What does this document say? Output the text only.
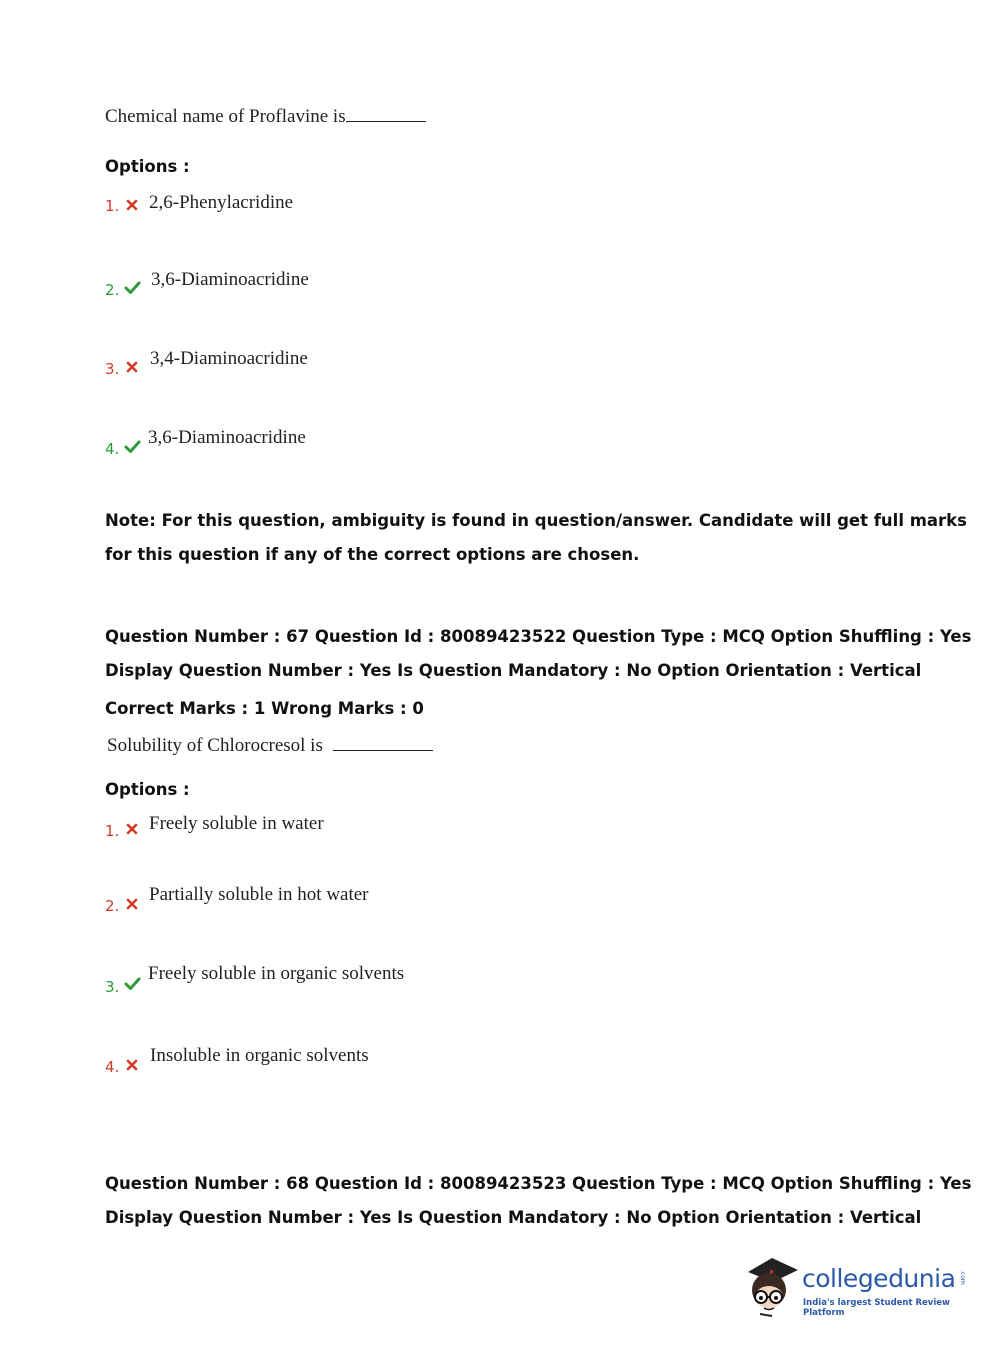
Chemical name of Proflavine is
Options :
1. 2,6-Phenylacridine
2. 3,6-Diaminoacridine
3. 3,4-Diaminoacridine
4.
3,6-Diaminoacridine
Note: For this question, ambiguity is found in question/answer. Candidate will get full marks
for this question if any of the correct options are chosen.
Question Number : 67 Question Id : 80089423522 Question Type : MCQ Option Shuffling : Yes
Display Question Number : Yes Is Question Mandatory : No Option Orientation : Vertical
Correct Marks : 1 Wrong Marks : 0
Solubility of Chlorocresol is
Options :
1. Freely soluble in water
2.
Partially soluble in hot water
3.
Freely soluble in organic solvents
4.
Insoluble in organic solvents
Question Number : 68 Question Id : 80089423523 Question Type : MCQ Option Shuffling : Yes
Display Question Number : Yes Is Question Mandatory : No Option Orientation : Vertical
collegedunia .com
India's largest Student Review Platform
